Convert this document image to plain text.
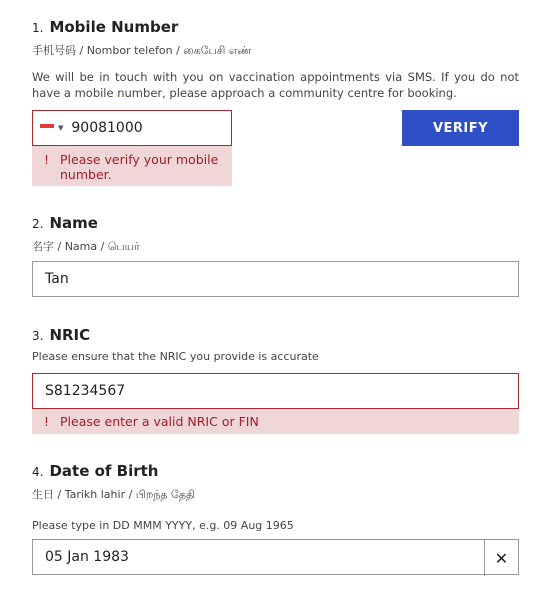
1. Mobile Number
手机号码 / Nombor telefon / கைபேசி எண்
We will be in touch with you on vaccination appointments via SMS. If you do not have a mobile number, please approach a community centre for booking.
▼ 90081000	VERIFY
! Please verify your mobile number.
2. Name
名字 / Nama / பெயர்
Tan
3. NRIC
Please ensure that the NRIC you provide is accurate
S81234567
! Please enter a valid NRIC or FIN
4. Date of Birth
生日 / Tarikh lahir / பிறந்த தேதி
Please type in DD MMM YYYY, e.g. 09 Aug 1965
05 Jan 1983	✕
